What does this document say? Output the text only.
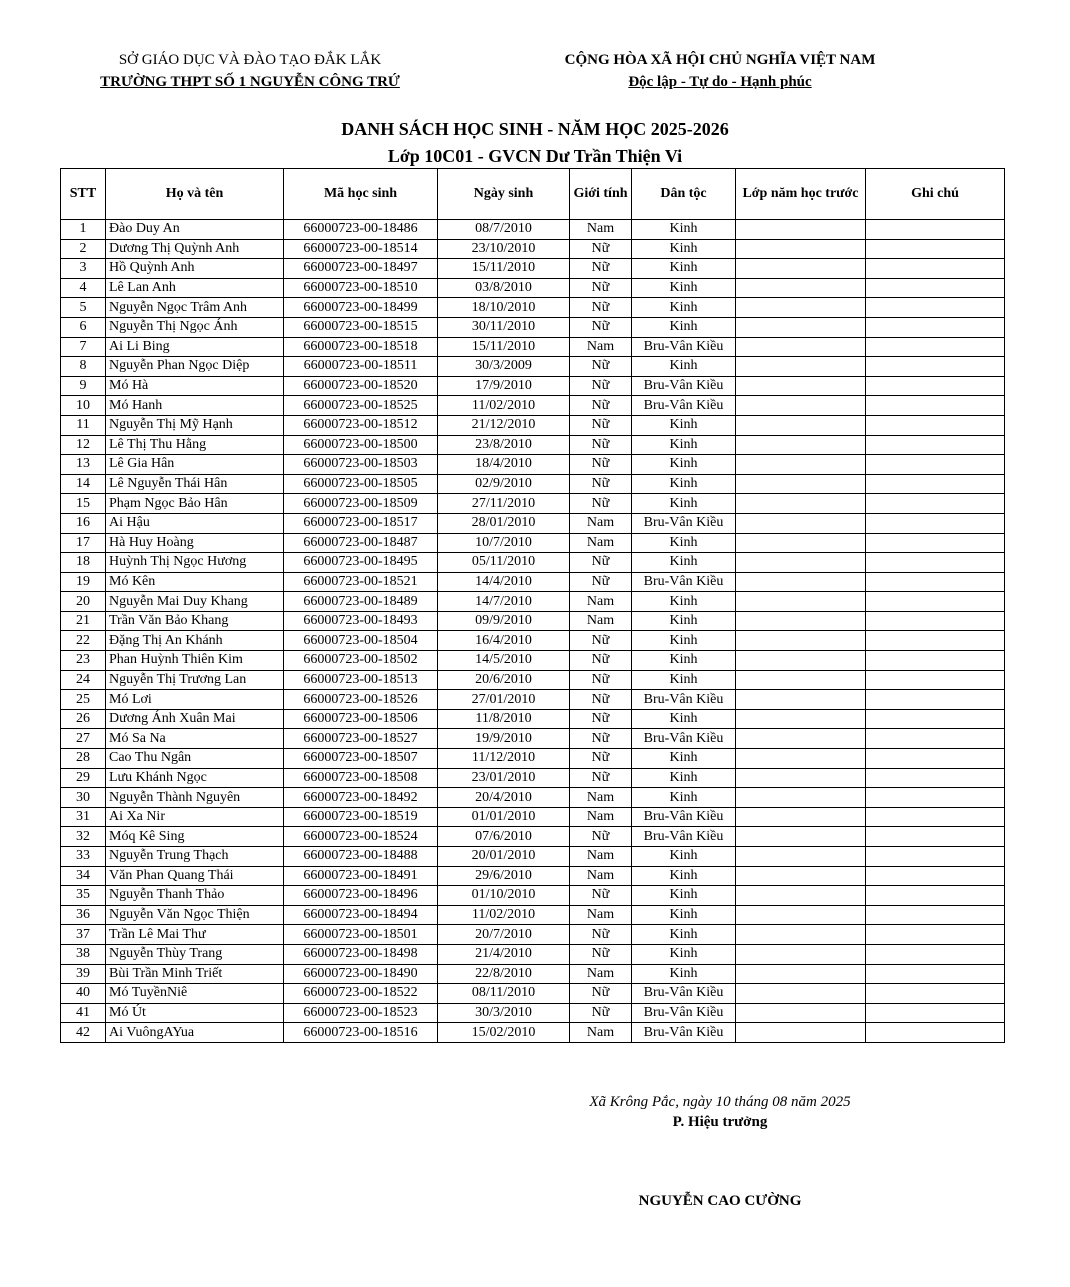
SỞ GIÁO DỤC VÀ ĐÀO TẠO ĐẮK LẮK
TRƯỜNG THPT SỐ 1 NGUYỄN CÔNG TRỨ
CỘNG HÒA XÃ HỘI CHỦ NGHĨA VIỆT NAM
Độc lập - Tự do - Hạnh phúc
DANH SÁCH HỌC SINH - NĂM HỌC 2025-2026
Lớp 10C01 - GVCN Dư Trần Thiện Vi
STT	Họ và tên	Mã học sinh	Ngày sinh	Giới tính	Dân tộc	Lớp năm học trước	Ghi chú
1	Đào Duy An	66000723-00-18486	08/7/2010	Nam	Kinh		
2	Dương Thị Quỳnh Anh	66000723-00-18514	23/10/2010	Nữ	Kinh		
3	Hồ Quỳnh Anh	66000723-00-18497	15/11/2010	Nữ	Kinh		
4	Lê Lan Anh	66000723-00-18510	03/8/2010	Nữ	Kinh		
5	Nguyễn Ngọc Trâm Anh	66000723-00-18499	18/10/2010	Nữ	Kinh		
6	Nguyễn Thị Ngọc Ánh	66000723-00-18515	30/11/2010	Nữ	Kinh		
7	Ai Li Bing	66000723-00-18518	15/11/2010	Nam	Bru-Vân Kiều		
8	Nguyễn Phan Ngọc Diệp	66000723-00-18511	30/3/2009	Nữ	Kinh		
9	Mó Hà	66000723-00-18520	17/9/2010	Nữ	Bru-Vân Kiều		
10	Mó Hanh	66000723-00-18525	11/02/2010	Nữ	Bru-Vân Kiều		
11	Nguyễn Thị Mỹ Hạnh	66000723-00-18512	21/12/2010	Nữ	Kinh		
12	Lê Thị Thu Hằng	66000723-00-18500	23/8/2010	Nữ	Kinh		
13	Lê Gia Hân	66000723-00-18503	18/4/2010	Nữ	Kinh		
14	Lê Nguyễn Thái Hân	66000723-00-18505	02/9/2010	Nữ	Kinh		
15	Phạm Ngọc Bảo Hân	66000723-00-18509	27/11/2010	Nữ	Kinh		
16	Ai Hậu	66000723-00-18517	28/01/2010	Nam	Bru-Vân Kiều		
17	Hà Huy Hoàng	66000723-00-18487	10/7/2010	Nam	Kinh		
18	Huỳnh Thị Ngọc Hương	66000723-00-18495	05/11/2010	Nữ	Kinh		
19	Mó Kên	66000723-00-18521	14/4/2010	Nữ	Bru-Vân Kiều		
20	Nguyễn Mai Duy Khang	66000723-00-18489	14/7/2010	Nam	Kinh		
21	Trần Văn Bảo Khang	66000723-00-18493	09/9/2010	Nam	Kinh		
22	Đặng Thị An Khánh	66000723-00-18504	16/4/2010	Nữ	Kinh		
23	Phan Huỳnh Thiên Kim	66000723-00-18502	14/5/2010	Nữ	Kinh		
24	Nguyễn Thị Trương Lan	66000723-00-18513	20/6/2010	Nữ	Kinh		
25	Mó Lơi	66000723-00-18526	27/01/2010	Nữ	Bru-Vân Kiều		
26	Dương Ánh Xuân Mai	66000723-00-18506	11/8/2010	Nữ	Kinh		
27	Mó Sa Na	66000723-00-18527	19/9/2010	Nữ	Bru-Vân Kiều		
28	Cao Thu Ngân	66000723-00-18507	11/12/2010	Nữ	Kinh		
29	Lưu Khánh Ngọc	66000723-00-18508	23/01/2010	Nữ	Kinh		
30	Nguyễn Thành Nguyên	66000723-00-18492	20/4/2010	Nam	Kinh		
31	Ai Xa Nir	66000723-00-18519	01/01/2010	Nam	Bru-Vân Kiều		
32	Móq Kê Sing	66000723-00-18524	07/6/2010	Nữ	Bru-Vân Kiều		
33	Nguyễn Trung Thạch	66000723-00-18488	20/01/2010	Nam	Kinh		
34	Văn Phan Quang Thái	66000723-00-18491	29/6/2010	Nam	Kinh		
35	Nguyễn Thanh Thảo	66000723-00-18496	01/10/2010	Nữ	Kinh		
36	Nguyễn Văn Ngọc Thiện	66000723-00-18494	11/02/2010	Nam	Kinh		
37	Trần Lê Mai Thư	66000723-00-18501	20/7/2010	Nữ	Kinh		
38	Nguyễn Thùy Trang	66000723-00-18498	21/4/2010	Nữ	Kinh		
39	Bùi Trần Minh Triết	66000723-00-18490	22/8/2010	Nam	Kinh		
40	Mó TuyềnNiê	66000723-00-18522	08/11/2010	Nữ	Bru-Vân Kiều		
41	Mó Út	66000723-00-18523	30/3/2010	Nữ	Bru-Vân Kiều		
42	Ai VuôngAYua	66000723-00-18516	15/02/2010	Nam	Bru-Vân Kiều		
Xã Krông Pắc, ngày 10 tháng 08 năm 2025
P. Hiệu trưởng
NGUYỄN CAO CƯỜNG
